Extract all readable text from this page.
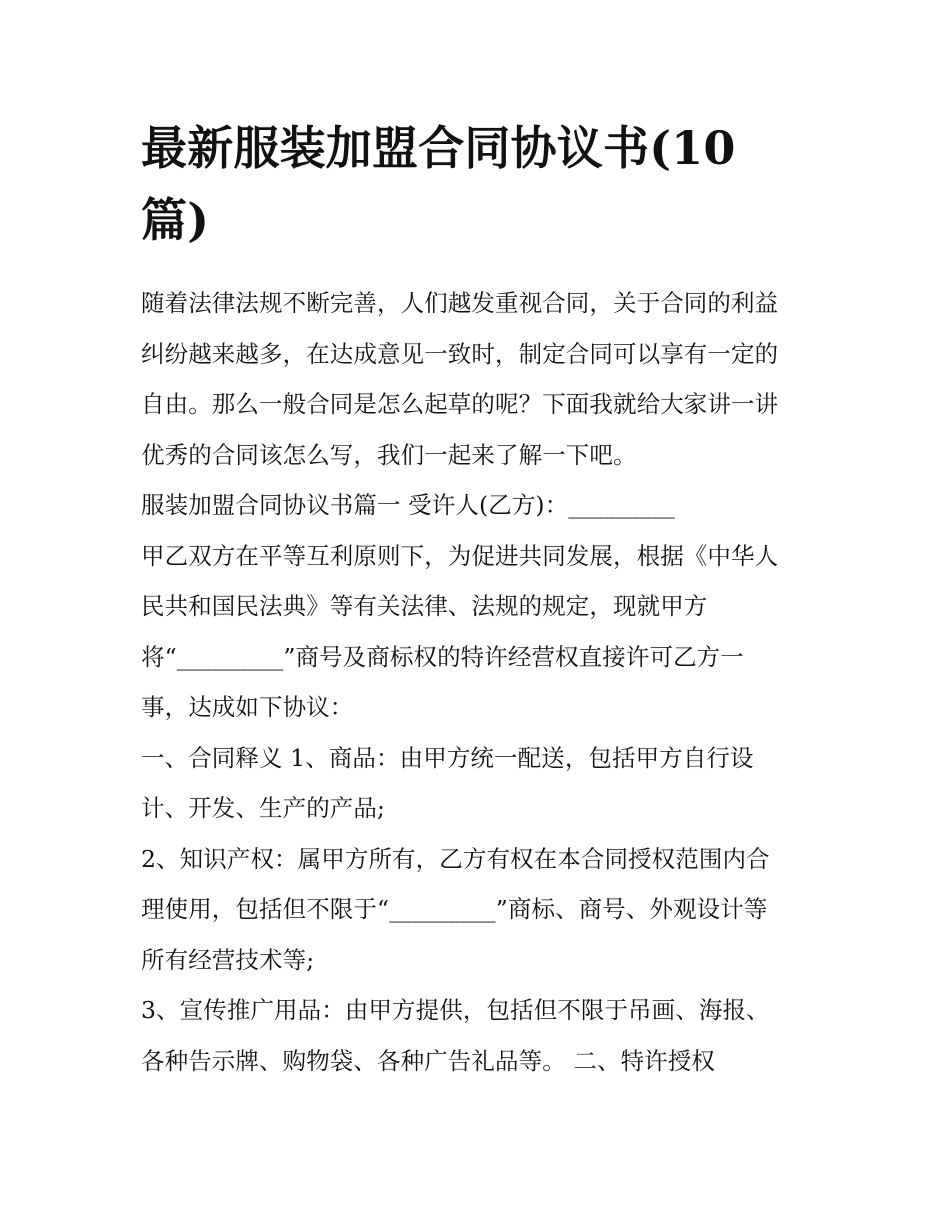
最新服装加盟合同协议书(10
篇)
随着法律法规不断完善，人们越发重视合同，关于合同的利益
纠纷越来越多，在达成意见一致时，制定合同可以享有一定的
自由。那么一般合同是怎么起草的呢？下面我就给大家讲一讲
优秀的合同该怎么写，我们一起来了解一下吧。
服装加盟合同协议书篇一 受许人(乙方)：_________
甲乙双方在平等互利原则下，为促进共同发展，根据《中华人
民共和国民法典》等有关法律、法规的规定，现就甲方
将“_________”商号及商标权的特许经营权直接许可乙方一
事，达成如下协议：
一、合同释义 1、商品：由甲方统一配送，包括甲方自行设
计、开发、生产的产品;
2、知识产权：属甲方所有，乙方有权在本合同授权范围内合
理使用，包括但不限于“_________”商标、商号、外观设计等
所有经营技术等;
3、宣传推广用品：由甲方提供，包括但不限于吊画、海报、
各种告示牌、购物袋、各种广告礼品等。 二、特许授权
